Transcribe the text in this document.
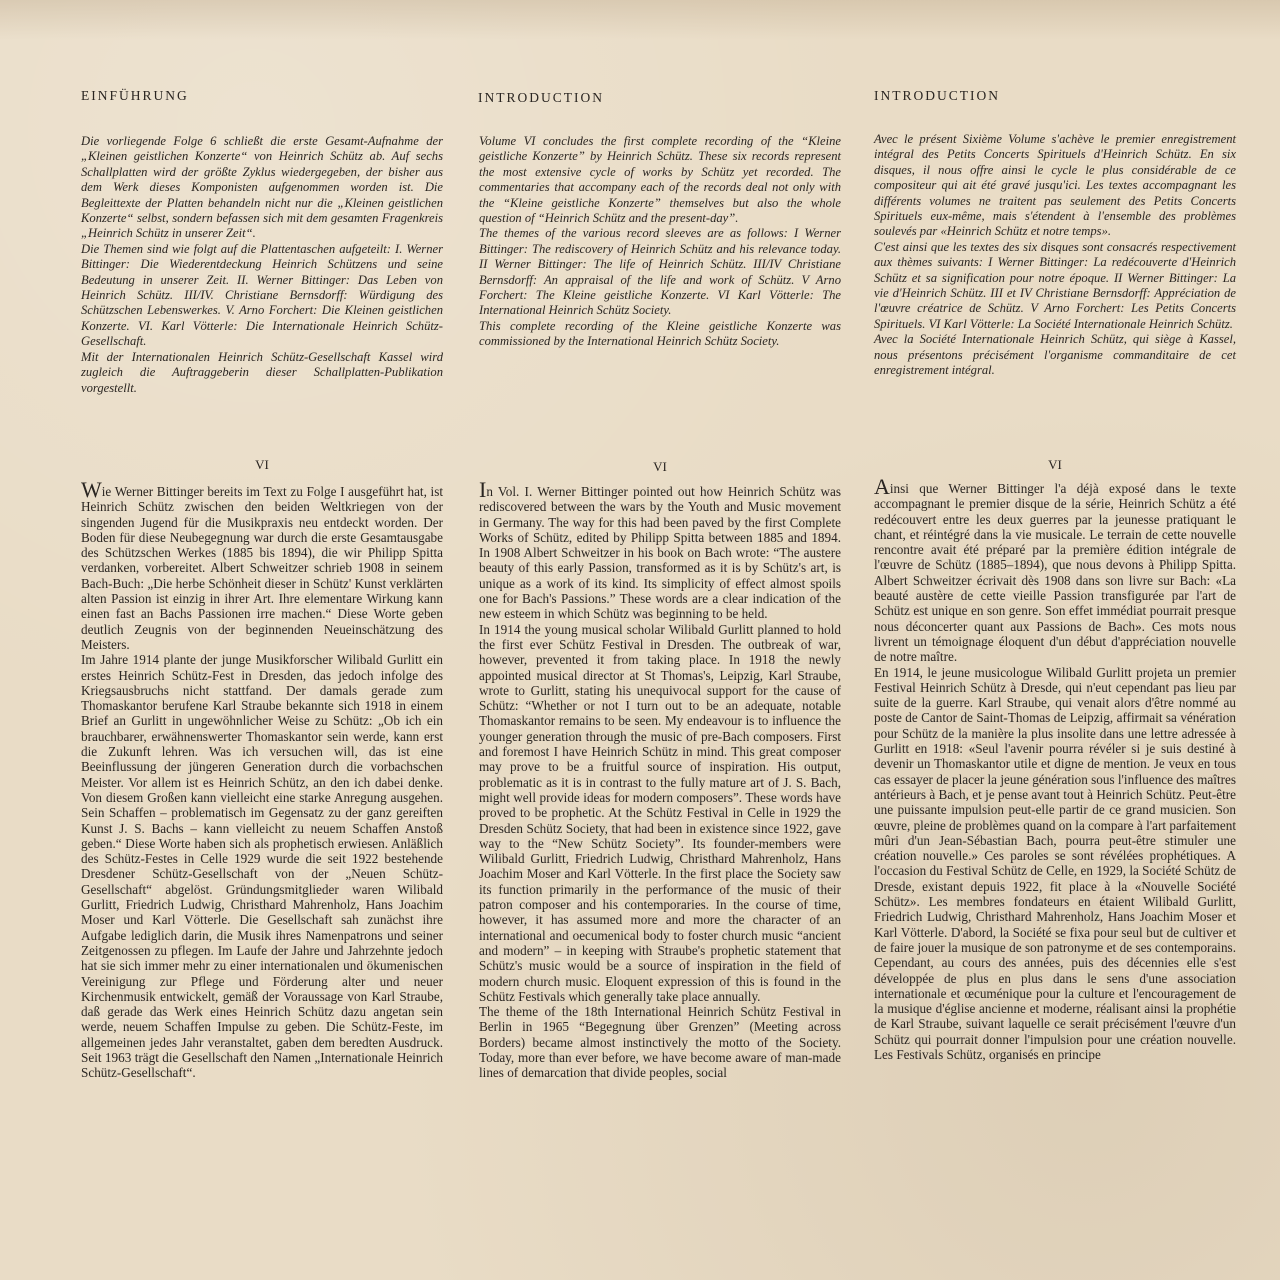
EINFÜHRUNG

Die vorliegende Folge 6 schließt die erste Gesamt-Aufnahme der „Kleinen geistlichen Konzerte“ von Heinrich Schütz ab. Auf sechs Schallplatten wird der größte Zyklus wiedergegeben, der bisher aus dem Werk dieses Komponisten aufgenommen worden ist. Die Begleittexte der Platten behandeln nicht nur die „Kleinen geistlichen Konzerte“ selbst, sondern befassen sich mit dem gesamten Fragenkreis „Heinrich Schütz in unserer Zeit“.

Die Themen sind wie folgt auf die Plattentaschen aufgeteilt: I. Werner Bittinger: Die Wiederentdeckung Heinrich Schützens und seine Bedeutung in unserer Zeit. II. Werner Bittinger: Das Leben von Heinrich Schütz. III/IV. Christiane Bernsdorff: Würdigung des Schützschen Lebenswerkes. V. Arno Forchert: Die Kleinen geistlichen Konzerte. VI. Karl Vötterle: Die Internationale Heinrich Schütz-Gesellschaft.

Mit der Internationalen Heinrich Schütz-Gesellschaft Kassel wird zugleich die Auftraggeberin dieser Schallplatten-Publikation vorgestellt.

VI

Wie Werner Bittinger bereits im Text zu Folge I ausgeführt hat, ist Heinrich Schütz zwischen den beiden Weltkriegen von der singenden Jugend für die Musikpraxis neu entdeckt worden. Der Boden für diese Neubegegnung war durch die erste Gesamtausgabe des Schützschen Werkes (1885 bis 1894), die wir Philipp Spitta verdanken, vorbereitet. Albert Schweitzer schrieb 1908 in seinem Bach-Buch: „Die herbe Schönheit dieser in Schütz' Kunst verklärten alten Passion ist einzig in ihrer Art. Ihre elementare Wirkung kann einen fast an Bachs Passionen irre machen.“ Diese Worte geben deutlich Zeugnis von der beginnenden Neueinschätzung des Meisters.

Im Jahre 1914 plante der junge Musikforscher Wilibald Gurlitt ein erstes Heinrich Schütz-Fest in Dresden, das jedoch infolge des Kriegsausbruchs nicht stattfand. Der damals gerade zum Thomaskantor berufene Karl Straube bekannte sich 1918 in einem Brief an Gurlitt in ungewöhnlicher Weise zu Schütz: „Ob ich ein brauchbarer, erwähnenswerter Thomaskantor sein werde, kann erst die Zukunft lehren. Was ich versuchen will, das ist eine Beeinflussung der jüngeren Generation durch die vorbachschen Meister. Vor allem ist es Heinrich Schütz, an den ich dabei denke. Von diesem Großen kann vielleicht eine starke Anregung ausgehen. Sein Schaffen – problematisch im Gegensatz zu der ganz gereiften Kunst J. S. Bachs – kann vielleicht zu neuem Schaffen Anstoß geben.“ Diese Worte haben sich als prophetisch erwiesen. Anläßlich des Schütz-Festes in Celle 1929 wurde die seit 1922 bestehende Dresdener Schütz-Gesellschaft von der „Neuen Schütz-Gesellschaft“ abgelöst. Gründungsmitglieder waren Wilibald Gurlitt, Friedrich Ludwig, Christhard Mahrenholz, Hans Joachim Moser und Karl Vötterle. Die Gesellschaft sah zunächst ihre Aufgabe lediglich darin, die Musik ihres Namenpatrons und seiner Zeitgenossen zu pflegen. Im Laufe der Jahre und Jahrzehnte jedoch hat sie sich immer mehr zu einer internationalen und ökumenischen Vereinigung zur Pflege und Förderung alter und neuer Kirchenmusik entwickelt, gemäß der Voraussage von Karl Straube, daß gerade das Werk eines Heinrich Schütz dazu angetan sein werde, neuem Schaffen Impulse zu geben. Die Schütz-Feste, im allgemeinen jedes Jahr veranstaltet, gaben dem beredten Ausdruck. Seit 1963 trägt die Gesellschaft den Namen „Internationale Heinrich Schütz-Gesellschaft“.

INTRODUCTION

Volume VI concludes the first complete recording of the “Kleine geistliche Konzerte” by Heinrich Schütz. These six records represent the most extensive cycle of works by Schütz yet recorded. The commentaries that accompany each of the records deal not only with the “Kleine geistliche Konzerte” themselves but also the whole question of “Heinrich Schütz and the present-day”.

The themes of the various record sleeves are as follows: I Werner Bittinger: The rediscovery of Heinrich Schütz and his relevance today. II Werner Bittinger: The life of Heinrich Schütz. III/IV Christiane Bernsdorff: An appraisal of the life and work of Schütz. V Arno Forchert: The Kleine geistliche Konzerte. VI Karl Vötterle: The International Heinrich Schütz Society.

This complete recording of the Kleine geistliche Konzerte was commissioned by the International Heinrich Schütz Society.

VI

In Vol. I. Werner Bittinger pointed out how Heinrich Schütz was rediscovered between the wars by the Youth and Music movement in Germany. The way for this had been paved by the first Complete Works of Schütz, edited by Philipp Spitta between 1885 and 1894. In 1908 Albert Schweitzer in his book on Bach wrote: “The austere beauty of this early Passion, transformed as it is by Schütz's art, is unique as a work of its kind. Its simplicity of effect almost spoils one for Bach's Passions.” These words are a clear indication of the new esteem in which Schütz was beginning to be held.

In 1914 the young musical scholar Wilibald Gurlitt planned to hold the first ever Schütz Festival in Dresden. The outbreak of war, however, prevented it from taking place. In 1918 the newly appointed musical director at St Thomas's, Leipzig, Karl Straube, wrote to Gurlitt, stating his unequivocal support for the cause of Schütz: “Whether or not I turn out to be an adequate, notable Thomaskantor remains to be seen. My endeavour is to influence the younger generation through the music of pre-Bach composers. First and foremost I have Heinrich Schütz in mind. This great composer may prove to be a fruitful source of inspiration. His output, problematic as it is in contrast to the fully mature art of J. S. Bach, might well provide ideas for modern composers”. These words have proved to be prophetic. At the Schütz Festival in Celle in 1929 the Dresden Schütz Society, that had been in existence since 1922, gave way to the “New Schütz Society”. Its founder-members were Wilibald Gurlitt, Friedrich Ludwig, Christhard Mahrenholz, Hans Joachim Moser and Karl Vötterle. In the first place the Society saw its function primarily in the performance of the music of their patron composer and his contemporaries. In the course of time, however, it has assumed more and more the character of an international and oecumenical body to foster church music “ancient and modern” – in keeping with Straube's prophetic statement that Schütz's music would be a source of inspiration in the field of modern church music. Eloquent expression of this is found in the Schütz Festivals which generally take place annually.

The theme of the 18th International Heinrich Schütz Festival in Berlin in 1965 “Begegnung über Grenzen” (Meeting across Borders) became almost instinctively the motto of the Society. Today, more than ever before, we have become aware of man-made lines of demarcation that divide peoples, social

INTRODUCTION

Avec le présent Sixième Volume s'achève le premier enregistrement intégral des Petits Concerts Spirituels d'Heinrich Schütz. En six disques, il nous offre ainsi le cycle le plus considérable de ce compositeur qui ait été gravé jusqu'ici. Les textes accompagnant les différents volumes ne traitent pas seulement des Petits Concerts Spirituels eux-même, mais s'étendent à l'ensemble des problèmes soulevés par «Heinrich Schütz et notre temps».

C'est ainsi que les textes des six disques sont consacrés respectivement aux thèmes suivants: I Werner Bittinger: La redécouverte d'Heinrich Schütz et sa signification pour notre époque. II Werner Bittinger: La vie d'Heinrich Schütz. III et IV Christiane Bernsdorff: Appréciation de l'œuvre créatrice de Schütz. V Arno Forchert: Les Petits Concerts Spirituels. VI Karl Vötterle: La Société Internationale Heinrich Schütz.

Avec la Société Internationale Heinrich Schütz, qui siège à Kassel, nous présentons précisément l'organisme commanditaire de cet enregistrement intégral.

VI

Ainsi que Werner Bittinger l'a déjà exposé dans le texte accompagnant le premier disque de la série, Heinrich Schütz a été redécouvert entre les deux guerres par la jeunesse pratiquant le chant, et réintégré dans la vie musicale. Le terrain de cette nouvelle rencontre avait été préparé par la première édition intégrale de l'œuvre de Schütz (1885–1894), que nous devons à Philipp Spitta. Albert Schweitzer écrivait dès 1908 dans son livre sur Bach: «La beauté austère de cette vieille Passion transfigurée par l'art de Schütz est unique en son genre. Son effet immédiat pourrait presque nous déconcerter quant aux Passions de Bach». Ces mots nous livrent un témoignage éloquent d'un début d'appréciation nouvelle de notre maître.

En 1914, le jeune musicologue Wilibald Gurlitt projeta un premier Festival Heinrich Schütz à Dresde, qui n'eut cependant pas lieu par suite de la guerre. Karl Straube, qui venait alors d'être nommé au poste de Cantor de Saint-Thomas de Leipzig, affirmait sa vénération pour Schütz de la manière la plus insolite dans une lettre adressée à Gurlitt en 1918: «Seul l'avenir pourra révéler si je suis destiné à devenir un Thomaskantor utile et digne de mention. Je veux en tous cas essayer de placer la jeune génération sous l'influence des maîtres antérieurs à Bach, et je pense avant tout à Heinrich Schütz. Peut-être une puissante impulsion peut-elle partir de ce grand musicien. Son œuvre, pleine de problèmes quand on la compare à l'art parfaitement mûri d'un Jean-Sébastian Bach, pourra peut-être stimuler une création nouvelle.» Ces paroles se sont révélées prophétiques. A l'occasion du Festival Schütz de Celle, en 1929, la Société Schütz de Dresde, existant depuis 1922, fit place à la «Nouvelle Société Schütz». Les membres fondateurs en étaient Wilibald Gurlitt, Friedrich Ludwig, Christhard Mahrenholz, Hans Joachim Moser et Karl Vötterle. D'abord, la Société se fixa pour seul but de cultiver et de faire jouer la musique de son patronyme et de ses contemporains. Cependant, au cours des années, puis des décennies elle s'est développée de plus en plus dans le sens d'une association internationale et œcuménique pour la culture et l'encouragement de la musique d'église ancienne et moderne, réalisant ainsi la prophétie de Karl Straube, suivant laquelle ce serait précisément l'œuvre d'un Schütz qui pourrait donner l'impulsion pour une création nouvelle. Les Festivals Schütz, organisés en principe
